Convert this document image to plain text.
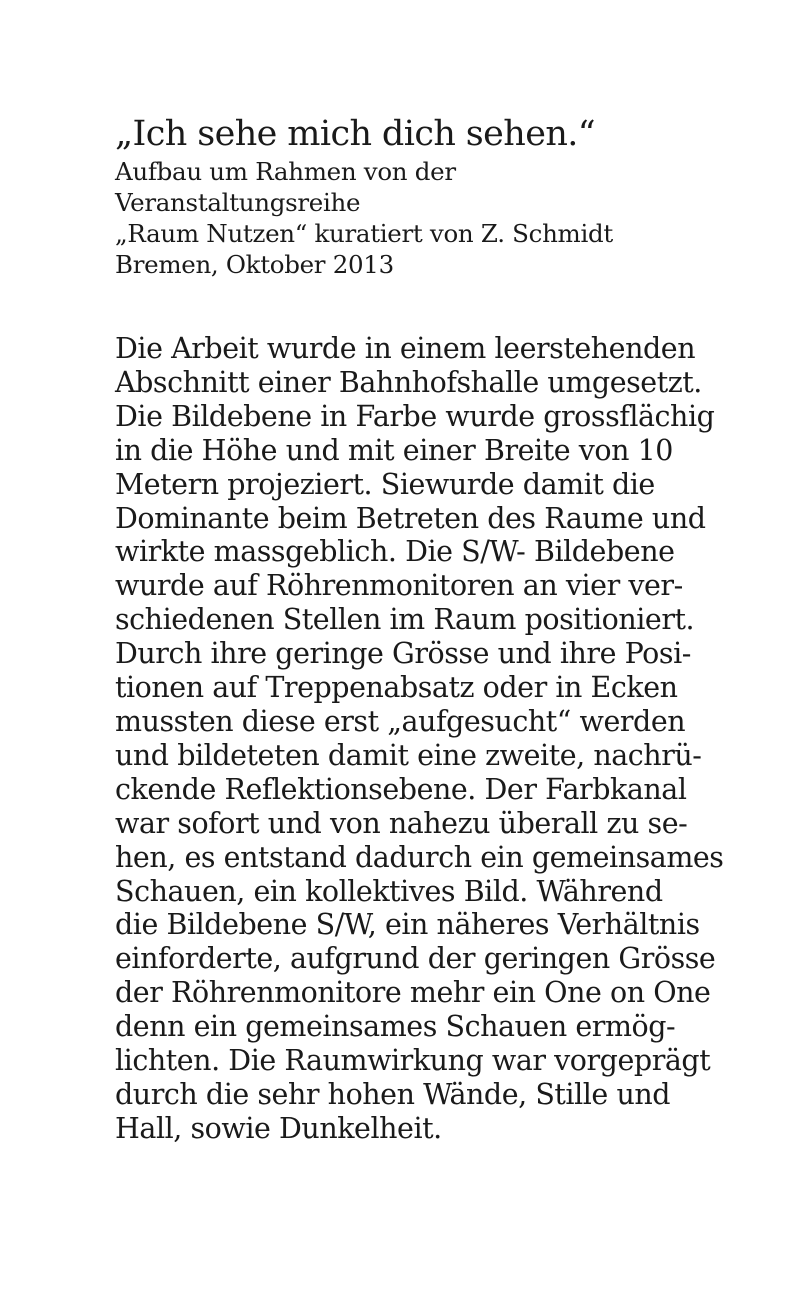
„Ich sehe mich dich sehen.“
Aufbau um Rahmen von der
Veranstaltungsreihe
„Raum Nutzen“ kuratiert von Z. Schmidt
Bremen, Oktober 2013
Die Arbeit wurde in einem leerstehenden
Abschnitt einer Bahnhofshalle umgesetzt.
Die Bildebene in Farbe wurde grossflächig
in die Höhe und mit einer Breite von 10
Metern projeziert. Siewurde damit die
Dominante beim Betreten des Raume und
wirkte massgeblich. Die S/W- Bildebene
wurde auf Röhrenmonitoren an vier ver-
schiedenen Stellen im Raum positioniert.
Durch ihre geringe Grösse und ihre Posi-
tionen auf Treppenabsatz oder in Ecken
mussten diese erst „aufgesucht“ werden
und bildeteten damit eine zweite, nachrü-
ckende Reflektionsebene. Der Farbkanal
war sofort und von nahezu überall zu se-
hen, es entstand dadurch ein gemeinsames
Schauen, ein kollektives Bild. Während
die Bildebene S/W, ein näheres Verhältnis
einforderte, aufgrund der geringen Grösse
der Röhrenmonitore mehr ein One on One
denn ein gemeinsames Schauen ermög-
lichten. Die Raumwirkung war vorgeprägt
durch die sehr hohen Wände, Stille und
Hall, sowie Dunkelheit.
